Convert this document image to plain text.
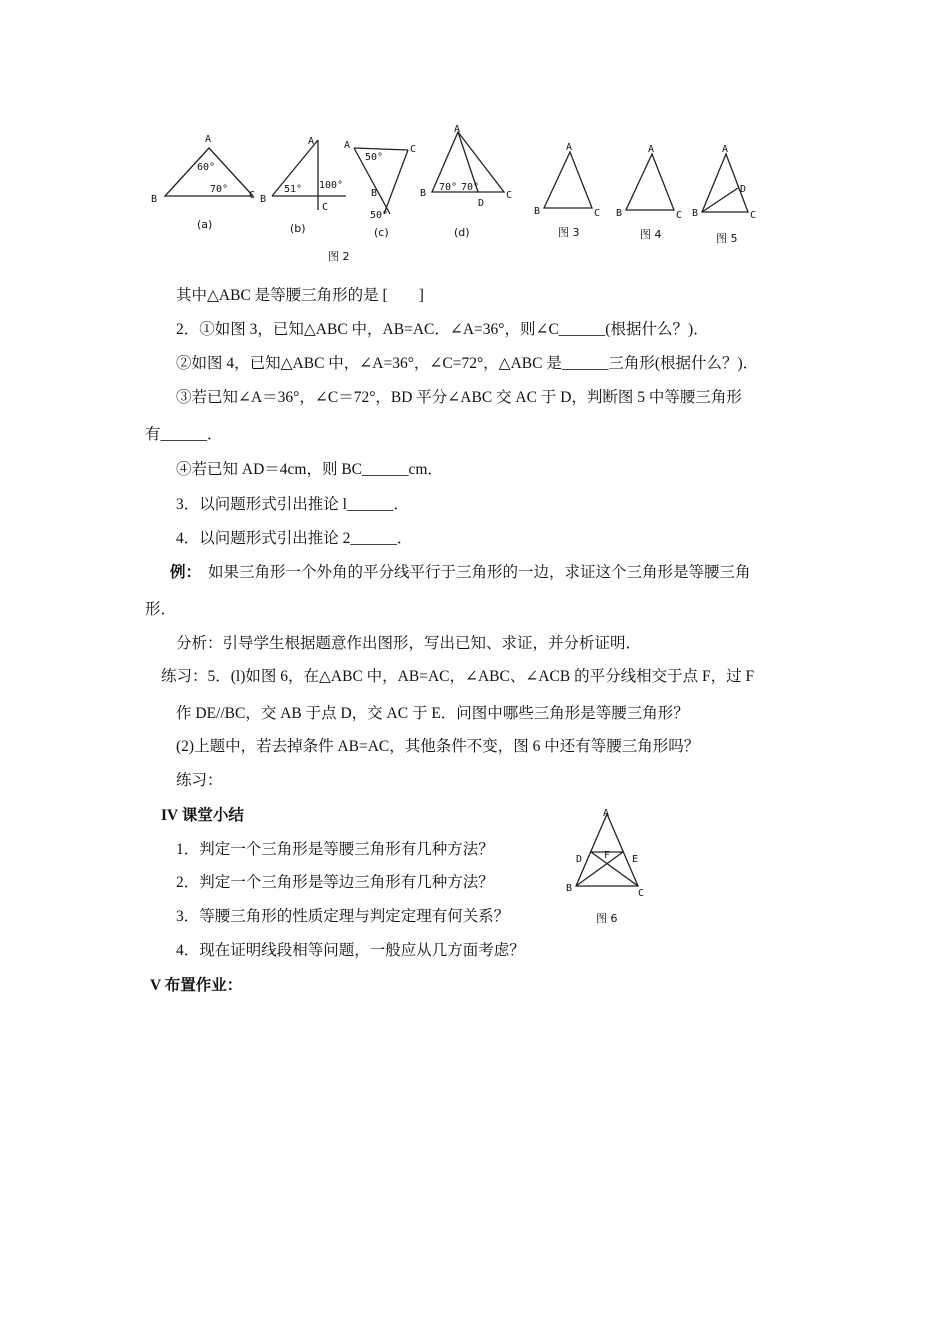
A
B	C
60°
70°
(a)
A
B
C
51° 100°
(b)
A	C
B
50°
50°
(c)
A
B	C
D
70° 70°
(d)
图 2
A
B	C
图 3
A
B	C
图 4
A
B	C
D
图 5
其中△ABC 是等腰三角形的是 [　　]
2．①如图 3，已知△ABC 中，AB=AC．∠A=36°，则∠C______(根据什么？)．
②如图 4，已知△ABC 中，∠A=36°，∠C=72°，△ABC 是______三角形(根据什么？)．
③若已知∠A＝36°，∠C＝72°，BD 平分∠ABC 交 AC 于 D，判断图 5 中等腰三角形
有______．
④若已知 AD＝4cm，则 BC______cm．
3．以问题形式引出推论 l______．
4．以问题形式引出推论 2______．
例： 如果三角形一个外角的平分线平行于三角形的一边，求证这个三角形是等腰三角
形．
分析：引导学生根据题意作出图形，写出已知、求证，并分析证明．
练习：5．(l)如图 6，在△ABC 中，AB=AC，∠ABC、∠ACB 的平分线相交于点 F，过 F
作 DE//BC，交 AB 于点 D，交 AC 于 E．问图中哪些三角形是等腰三角形？
(2)上题中，若去掉条件 AB=AC，其他条件不变，图 6 中还有等腰三角形吗？
练习：
IV 课堂小结
1．判定一个三角形是等腰三角形有几种方法？
2．判定一个三角形是等边三角形有几种方法？
3．等腰三角形的性质定理与判定定理有何关系？
4．现在证明线段相等问题，一般应从几方面考虑？
V 布置作业：
A
D	E
F
B	C
图 6
